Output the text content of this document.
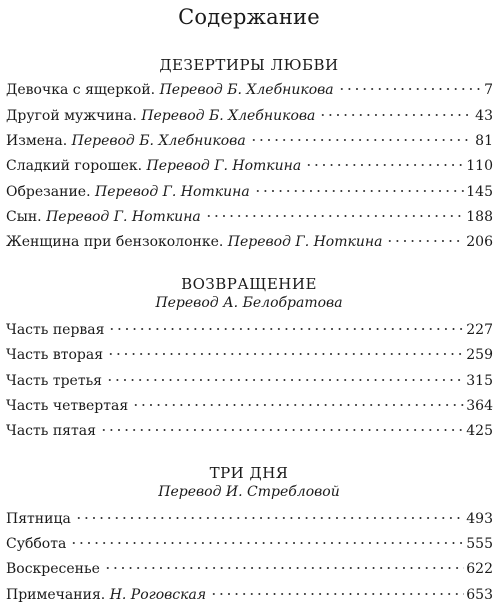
Содержание
ДЕЗЕРТИРЫ ЛЮБВИ
Девочка с ящеркой. Перевод Б. Хлебникова	7
Другой мужчина. Перевод Б. Хлебникова	43
Измена. Перевод Б. Хлебникова	81
Сладкий горошек. Перевод Г. Ноткина	110
Обрезание. Перевод Г. Ноткина	145
Сын. Перевод Г. Ноткина	188
Женщина при бензоколонке. Перевод Г. Ноткина	206
ВОЗВРАЩЕНИЕ
Перевод А. Белобратова
Часть первая	227
Часть вторая	259
Часть третья	315
Часть четвертая	364
Часть пятая	425
ТРИ ДНЯ
Перевод И. Стребловой
Пятница	493
Суббота	555
Воскресенье	622
Примечания. Н. Роговская	653
